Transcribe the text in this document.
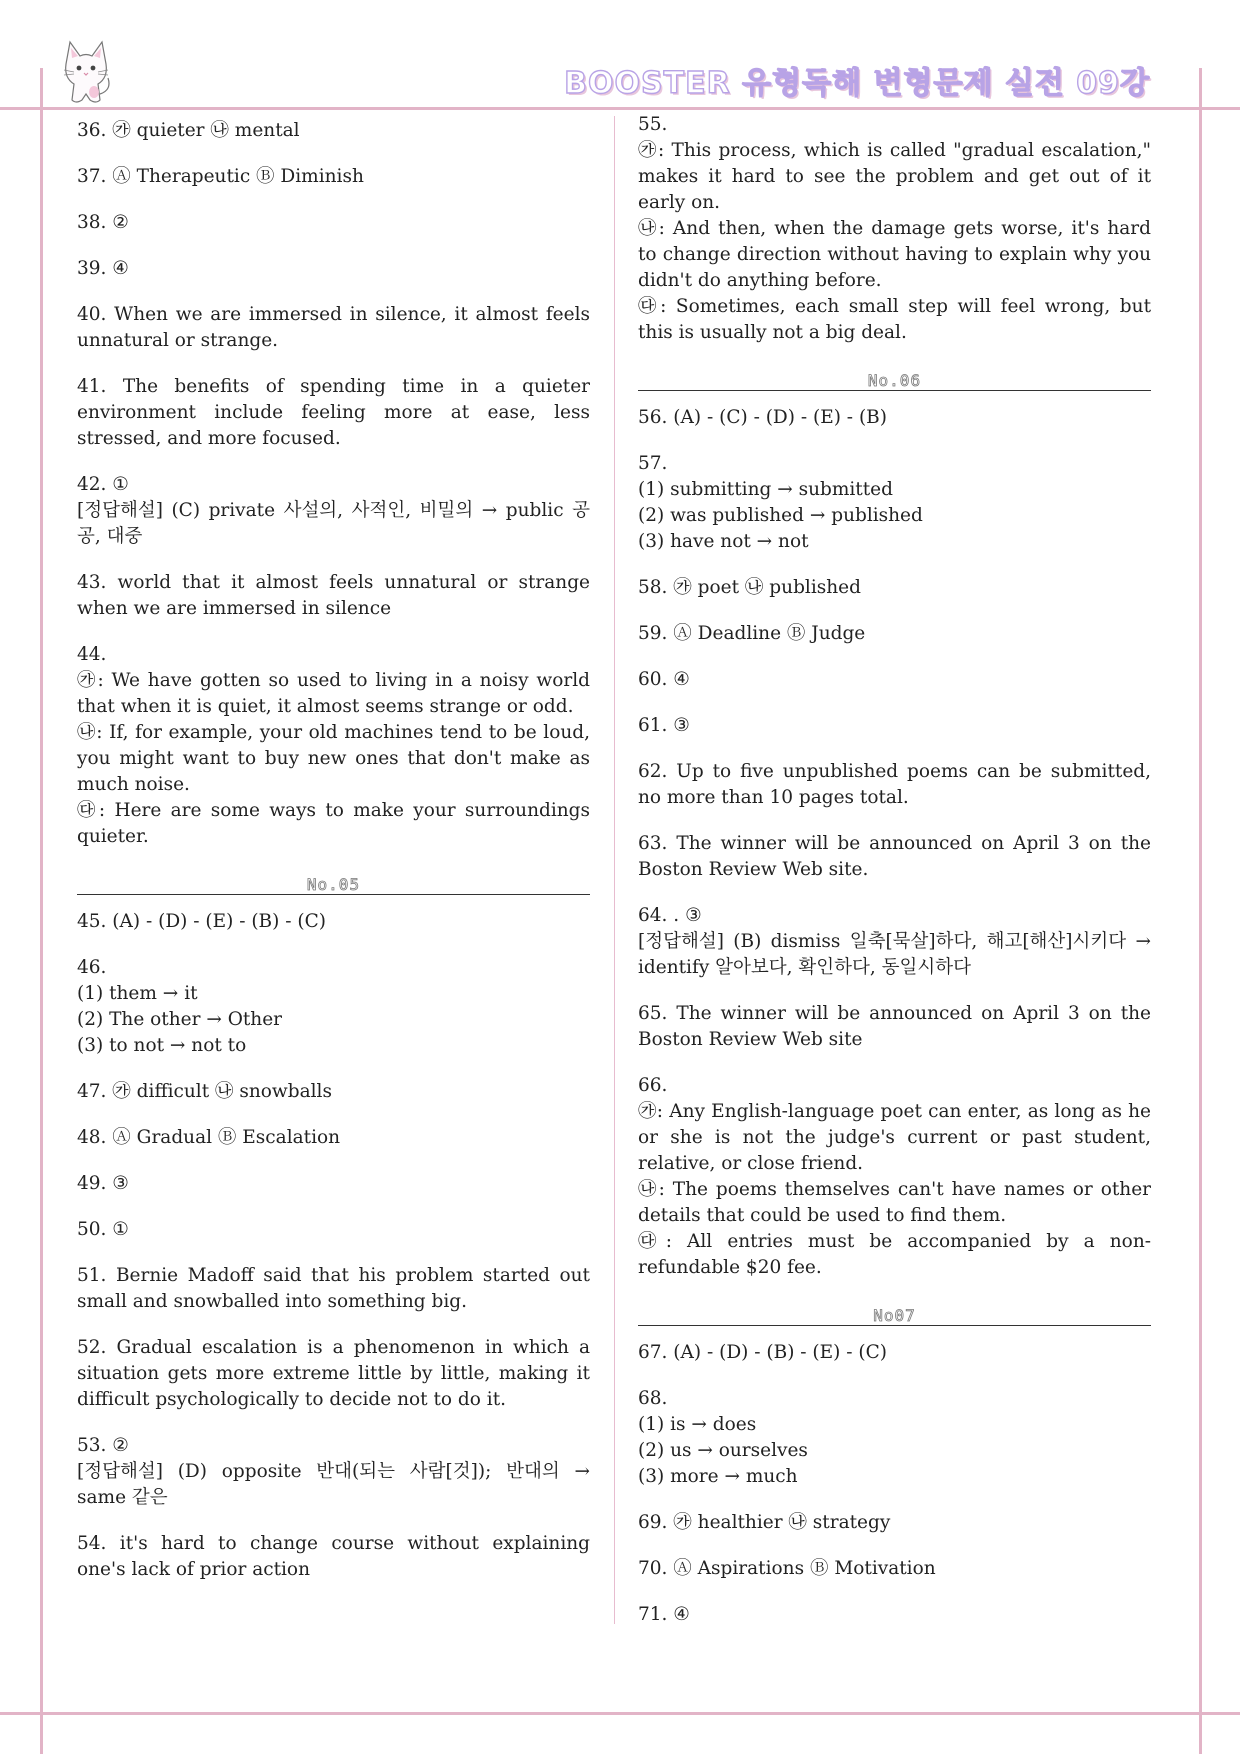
BOOSTER 유형독해 변형문제 실전 09강
36. ㉮ quieter ㉯ mental
37. Ⓐ Therapeutic Ⓑ Diminish
38. ②
39. ④
40. When we are immersed in silence, it almost feels unnatural or strange.
41. The benefits of spending time in a quieter environment include feeling more at ease, less stressed, and more focused.
42. ①
[정답해설] (C) private 사설의, 사적인, 비밀의 → public 공공, 대중
43. world that it almost feels unnatural or strange when we are immersed in silence
44.
㉮: We have gotten so used to living in a noisy world that when it is quiet, it almost seems strange or odd.
㉯: If, for example, your old machines tend to be loud, you might want to buy new ones that don't make as much noise.
㉰: Here are some ways to make your surroundings quieter.
No.05
45. (A) - (D) - (E) - (B) - (C)
46.
(1) them → it
(2) The other → Other
(3) to not → not to
47. ㉮ difficult ㉯ snowballs
48. Ⓐ Gradual Ⓑ Escalation
49. ③
50. ①
51. Bernie Madoff said that his problem started out small and snowballed into something big.
52. Gradual escalation is a phenomenon in which a situation gets more extreme little by little, making it difficult psychologically to decide not to do it.
53. ②
[정답해설] (D) opposite 반대(되는 사람[것]); 반대의 → same 같은
54. it's hard to change course without explaining one's lack of prior action
55.
㉮: This process, which is called "gradual escalation," makes it hard to see the problem and get out of it early on.
㉯: And then, when the damage gets worse, it's hard to change direction without having to explain why you didn't do anything before.
㉰: Sometimes, each small step will feel wrong, but this is usually not a big deal.
No.06
56. (A) - (C) - (D) - (E) - (B)
57.
(1) submitting → submitted
(2) was published → published
(3) have not → not
58. ㉮ poet ㉯ published
59. Ⓐ Deadline Ⓑ Judge
60. ④
61. ③
62. Up to five unpublished poems can be submitted, no more than 10 pages total.
63. The winner will be announced on April 3 on the Boston Review Web site.
64. . ③
[정답해설] (B) dismiss 일축[묵살]하다, 해고[해산]시키다 → identify 알아보다, 확인하다, 동일시하다
65. The winner will be announced on April 3 on the Boston Review Web site
66.
㉮: Any English-language poet can enter, as long as he or she is not the judge's current or past student, relative, or close friend.
㉯: The poems themselves can't have names or other details that could be used to find them.
㉰: All entries must be accompanied by a non-refundable $20 fee.
No07
67. (A) - (D) - (B) - (E) - (C)
68.
(1) is → does
(2) us → ourselves
(3) more → much
69. ㉮ healthier ㉯ strategy
70. Ⓐ Aspirations Ⓑ Motivation
71. ④
